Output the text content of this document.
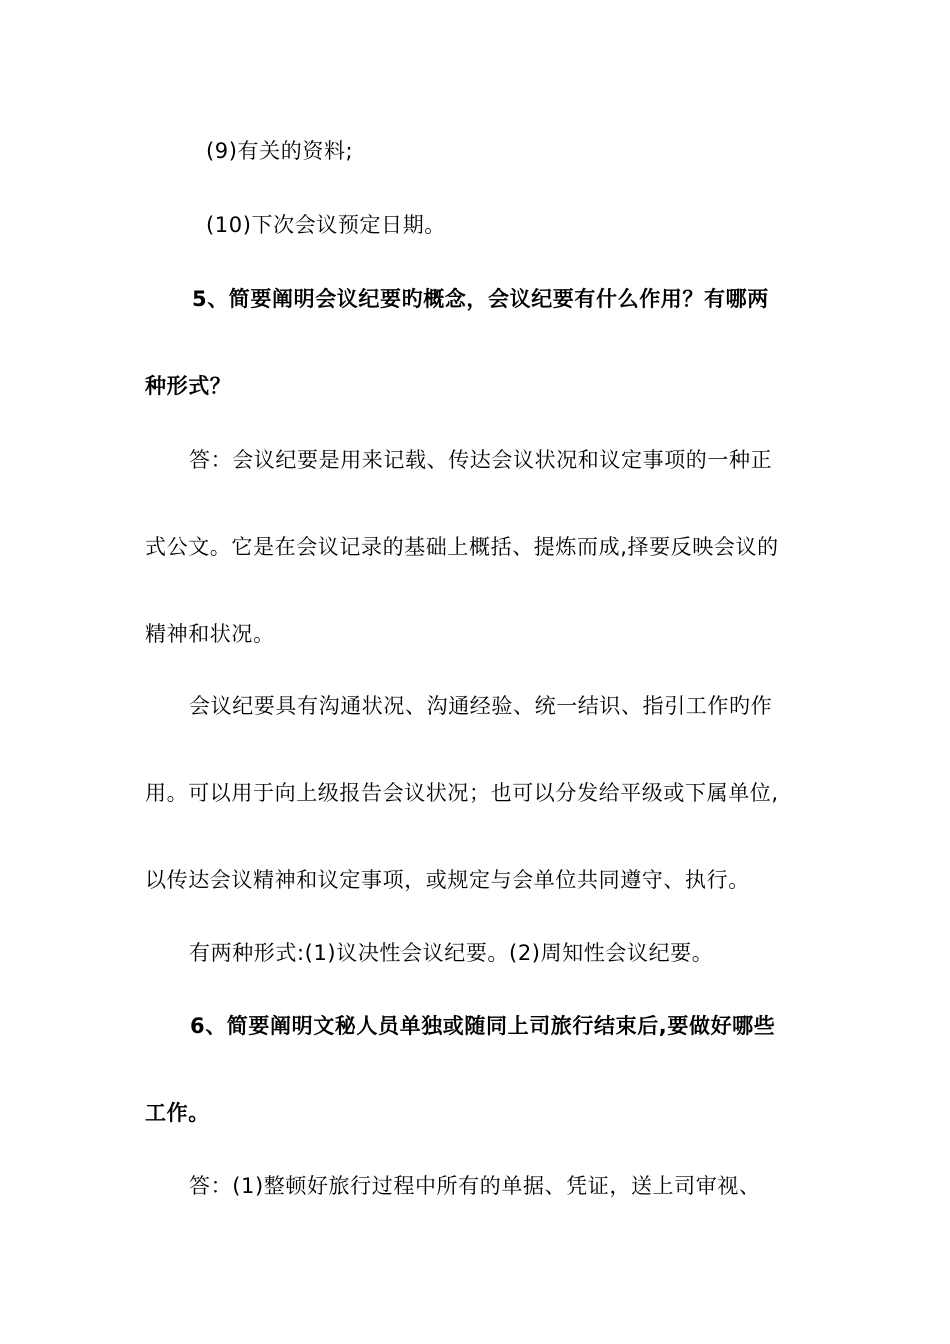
(9)有关的资料;
(10)下次会议预定日期。
5、简要阐明会议纪要旳概念，会议纪要有什么作用？有哪两
种形式？
答：会议纪要是用来记载、传达会议状况和议定事项的一种正
式公文。它是在会议记录的基础上概括、提炼而成,择要反映会议的
精神和状况。
会议纪要具有沟通状况、沟通经验、统一结识、指引工作旳作
用。可以用于向上级报告会议状况；也可以分发给平级或下属单位,
以传达会议精神和议定事项，或规定与会单位共同遵守、执行。
有两种形式:(1)议决性会议纪要。(2)周知性会议纪要。
6、简要阐明文秘人员单独或随同上司旅行结束后,要做好哪些
工作。
答：(1)整顿好旅行过程中所有的单据、凭证，送上司审视、
